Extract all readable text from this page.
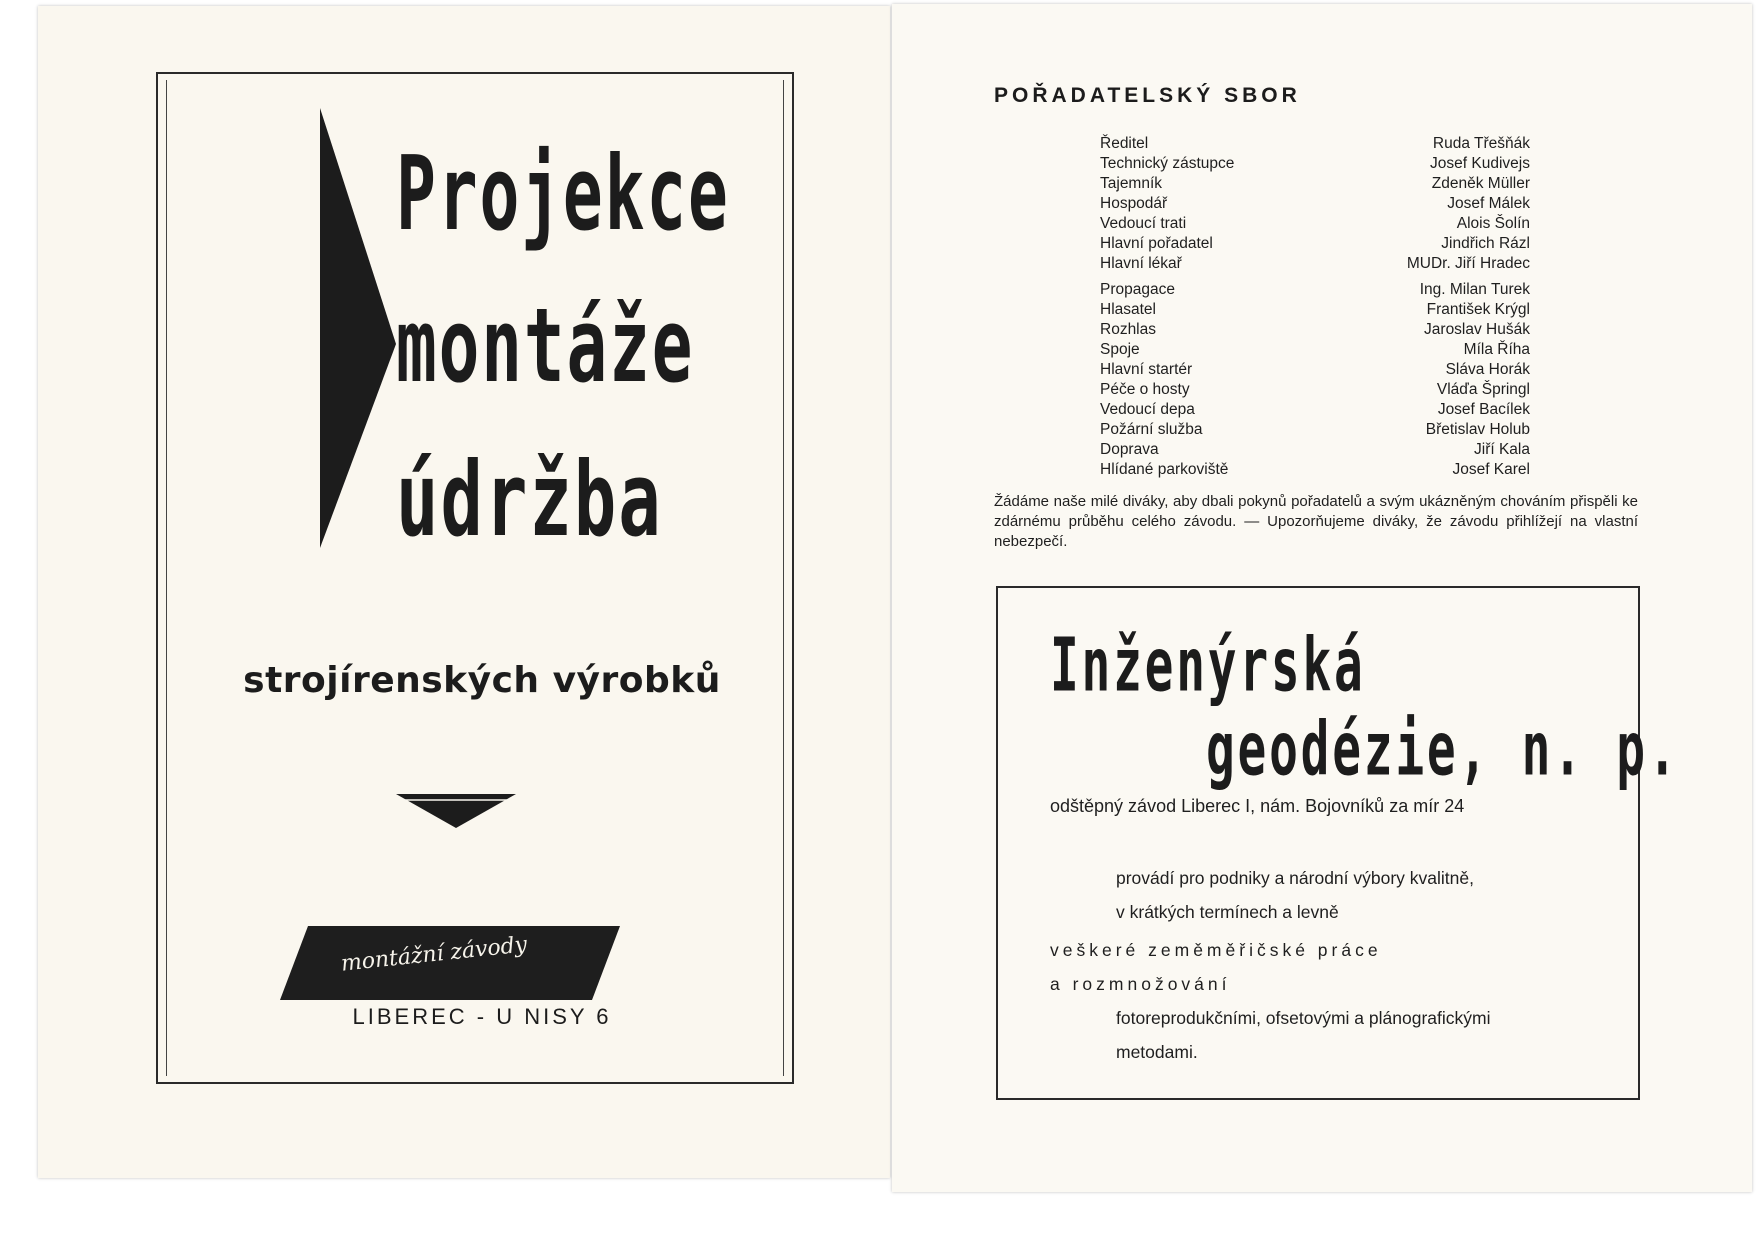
Projekce
montáže
údržba
strojírenských výrobků
montážní závody
LIBEREC - U NISY 6
POŘADATELSKÝ SBOR
Ředitel	Ruda Třešňák
Technický zástupce	Josef Kudivejs
Tajemník	Zdeněk Müller
Hospodář	Josef Málek
Vedoucí trati	Alois Šolín
Hlavní pořadatel	Jindřich Rázl
Hlavní lékař	MUDr. Jiří Hradec
Propagace	Ing. Milan Turek
Hlasatel	František Krýgl
Rozhlas	Jaroslav Hušák
Spoje	Míla Říha
Hlavní startér	Sláva Horák
Péče o hosty	Vláďa Špringl
Vedoucí depa	Josef Bacílek
Požární služba	Břetislav Holub
Doprava	Jiří Kala
Hlídané parkoviště	Josef Karel
Žádáme naše milé diváky, aby dbali pokynů pořadatelů a svým ukázněným chováním přispěli ke zdárnému průběhu celého závodu. — Upozorňujeme diváky, že závodu přihlížejí na vlastní nebezpečí.
Inženýrská
geodézie, n. p.
odštěpný závod Liberec I, nám. Bojovníků za mír 24
provádí pro podniky a národní výbory kvalitně,
v krátkých termínech a levně
veškeré zeměměřičské práce
a rozmnožování
fotoreprodukčními, ofsetovými a plánografickými
metodami.
